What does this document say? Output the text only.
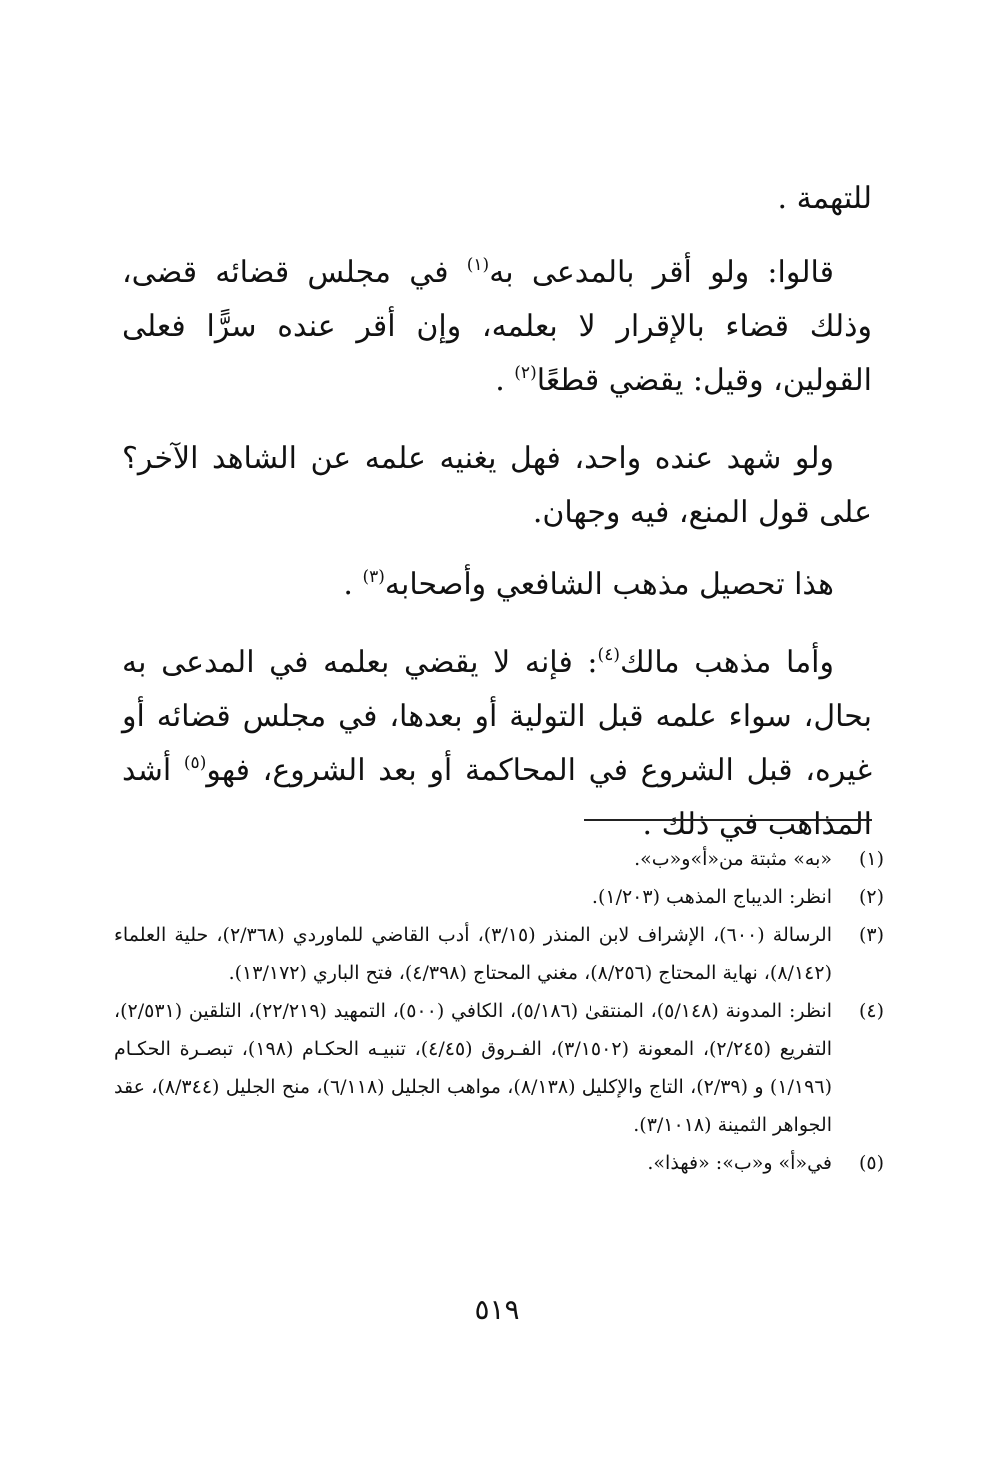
للتهمة .

قالوا: ولو أقر بالمدعى به$^{(١)}$ في مجلس قضائه قضى، وذلك قضاء بالإقرار لا بعلمه، وإن أقر عنده سرًّا فعلى القولين، وقيل: يقضي قطعًا$^{(٢)}$ .

ولو شهد عنده واحد، فهل يغنيه علمه عن الشاهد الآخر؟ على قول المنع، فيه وجهان.

هذا تحصيل مذهب الشافعي وأصحابه$^{(٣)}$ .

وأما مذهب مالك$^{(٤)}$: فإنه لا يقضي بعلمه في المدعى به بحال، سواء علمه قبل التولية أو بعدها، في مجلس قضائه أو غيره، قبل الشروع في المحاكمة أو بعد الشروع، فهو$^{(٥)}$ أشد المذاهب في ذلك .

(١)
«به» مثبتة من«أ»و«ب».
(٢)
انظر: الديباج المذهب (١/٢٠٣).
(٣)
الرسالة (٦٠٠)، الإشراف لابن المنذر (٣/١٥)، أدب القاضي للماوردي (٢/٣٦٨)، حلية العلماء (٨/١٤٢)، نهاية المحتاج (٨/٢٥٦)، مغني المحتاج (٤/٣٩٨)، فتح الباري (١٣/١٧٢).
(٤)
انظر: المدونة (٥/١٤٨)، المنتقىٰ (٥/١٨٦)، الكافي (٥٠٠)، التمهيد (٢٢/٢١٩)، التلقين (٢/٥٣١)، التفريع (٢/٢٤٥)، المعونة (٣/١٥٠٢)، الفـروق (٤/٤٥)، تنبيـه الحكـام (١٩٨)، تبصـرة الحكـام (١/١٩٦) و (٢/٣٩)، التاج والإكليل (٨/١٣٨)، مواهب الجليل (٦/١١٨)، منح الجليل (٨/٣٤٤)، عقد الجواهر الثمينة (٣/١٠١٨).
(٥)
في«أ» و«ب»: «فهذا».
٥١٩
